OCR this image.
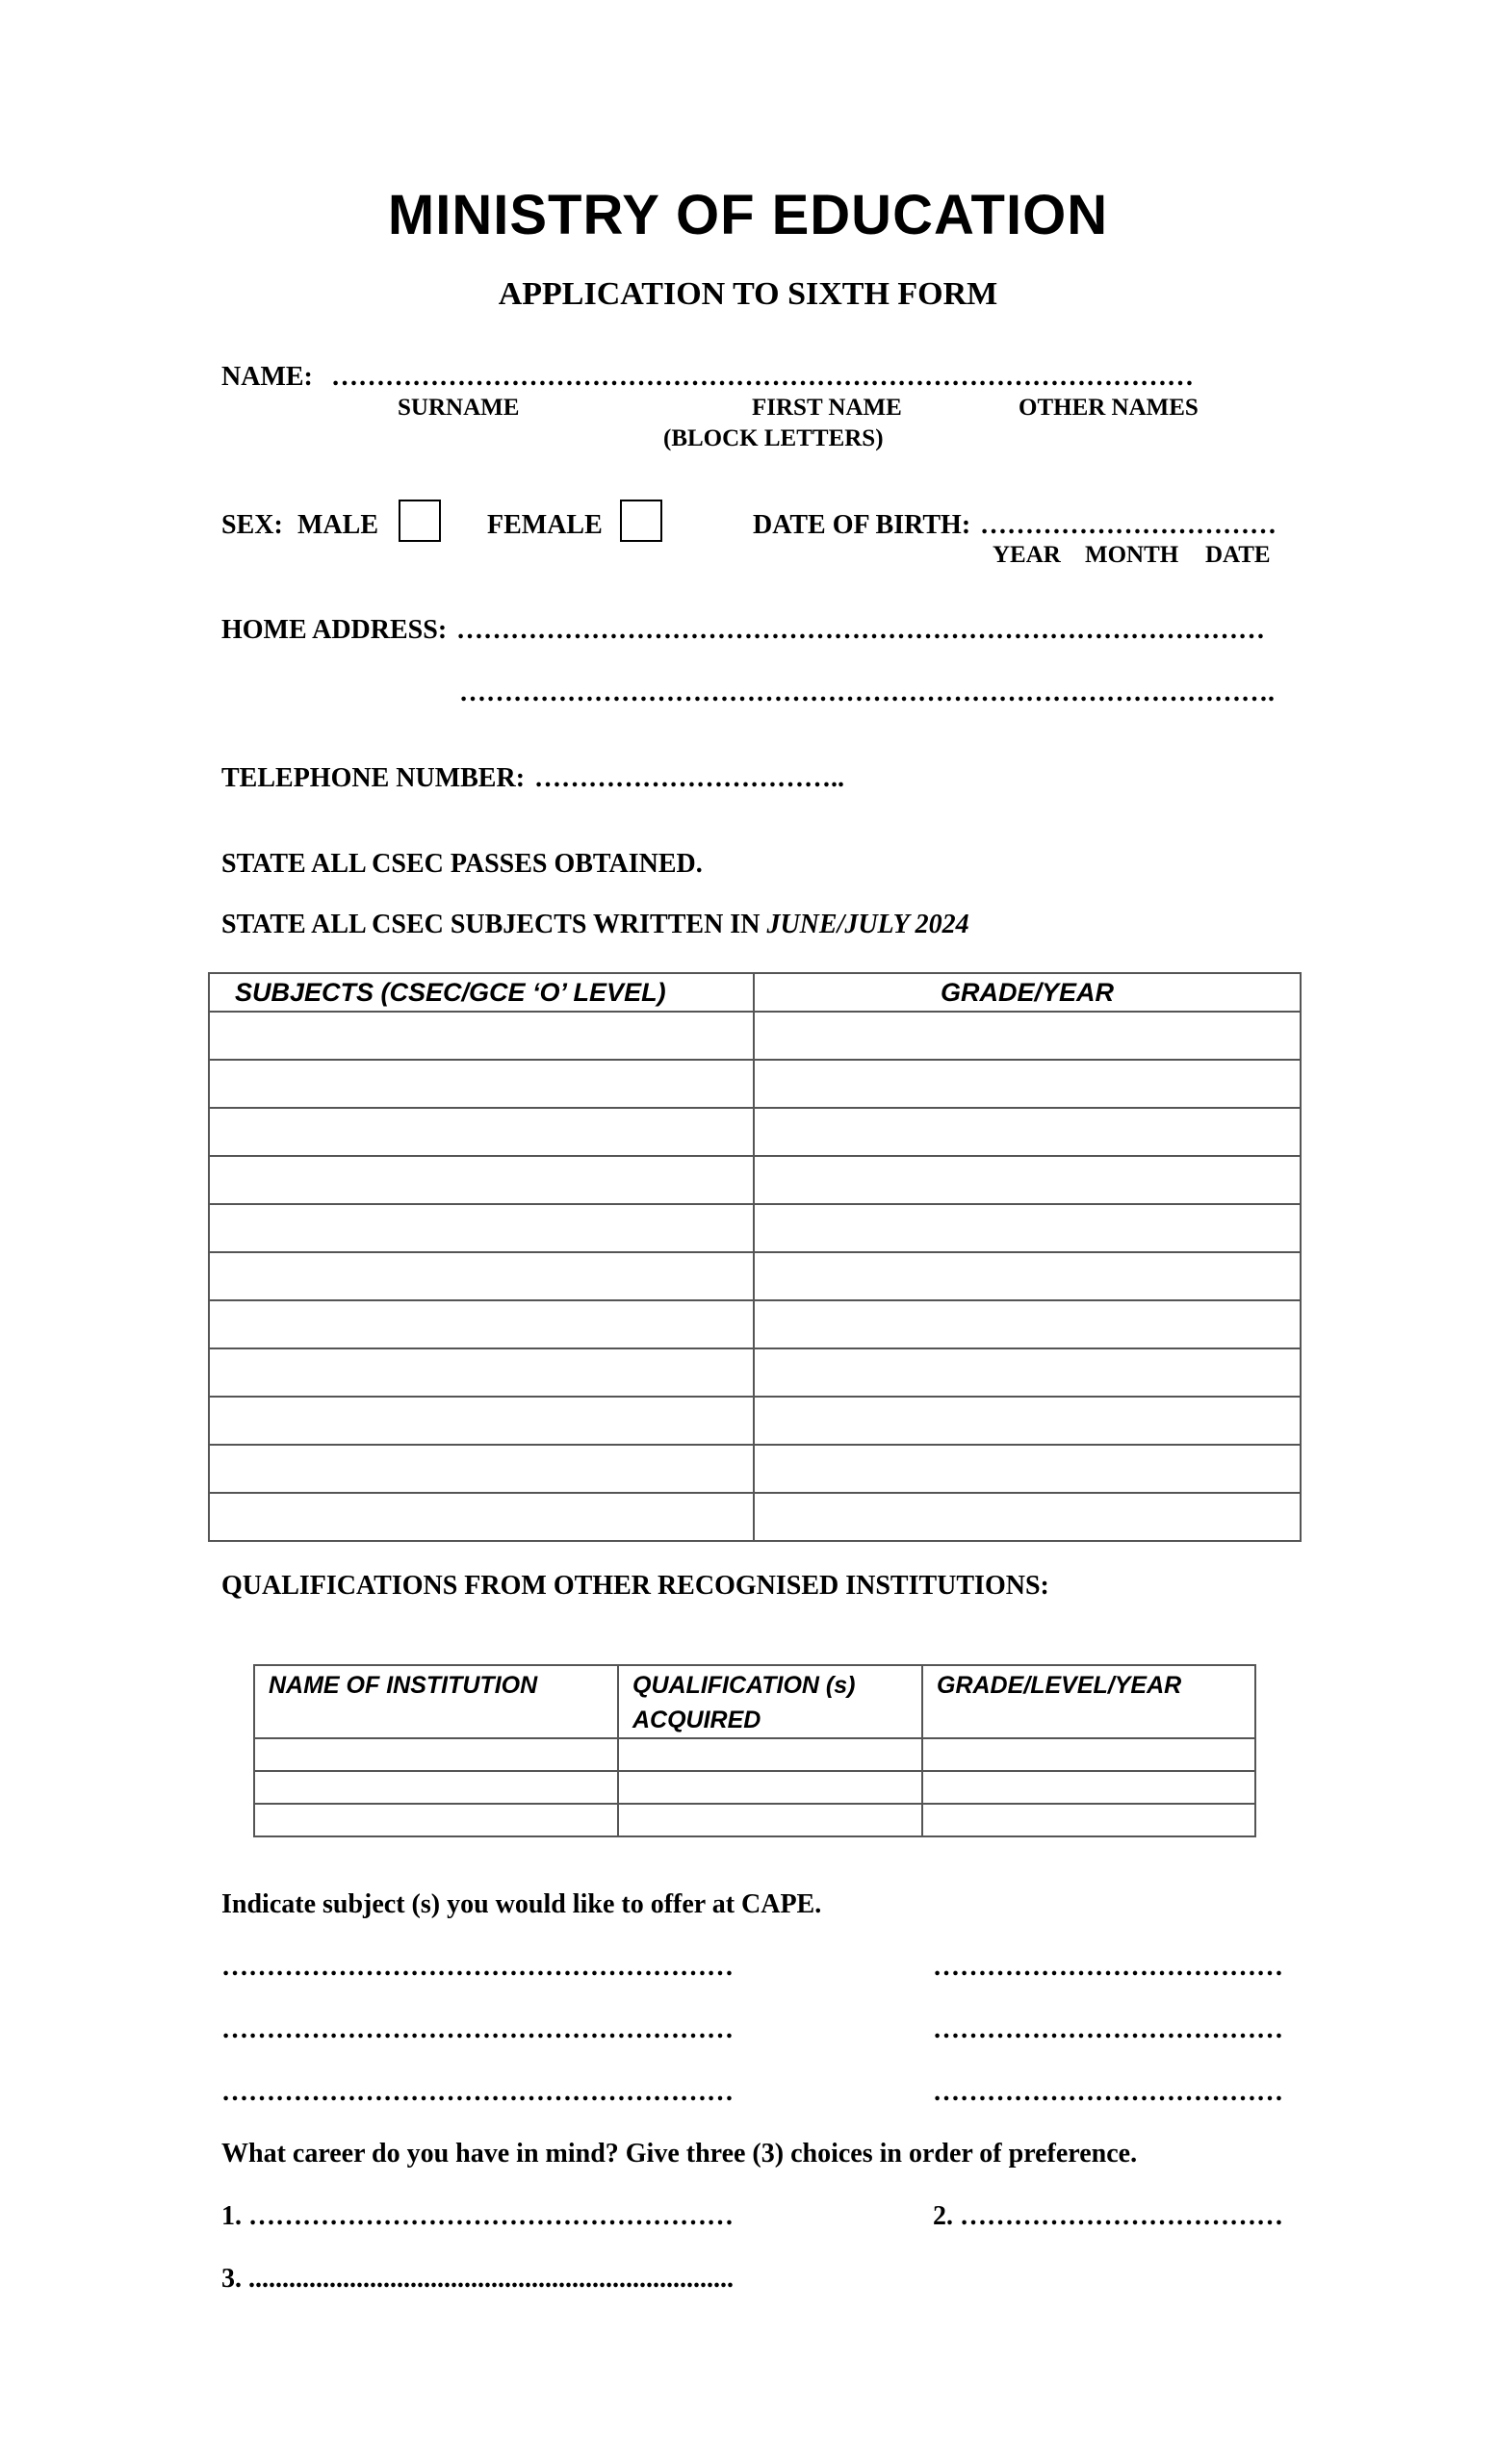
MINISTRY OF EDUCATION
APPLICATION TO SIXTH FORM
NAME: ……………………………………………………………………………………
SURNAME	FIRST NAME
(BLOCK LETTERS)
OTHER NAMES
SEX: MALE	FEMALE	DATE OF BIRTH: ……………………………
YEAR MONTH DATE
HOME ADDRESS: ………………………………………………………………………………
……………………………………………………………………………….
TELEPHONE NUMBER: ……………………………..
STATE ALL CSEC PASSES OBTAINED.
STATE ALL CSEC SUBJECTS WRITTEN IN JUNE/JULY 2024
SUBJECTS (CSEC/GCE ‘O’ LEVEL)	GRADE/YEAR

QUALIFICATIONS FROM OTHER RECOGNISED INSTITUTIONS:
NAME OF INSTITUTION	QUALIFICATION (s) ACQUIRED	GRADE/LEVEL/YEAR

Indicate subject (s) you would like to offer at CAPE.
…………………………………………………	…………………………………
…………………………………………………	…………………………………
…………………………………………………	…………………………………
What career do you have in mind? Give three (3) choices in order of preference.
1. ………………………………………………	2. ………………………………
3. ........................................................................
